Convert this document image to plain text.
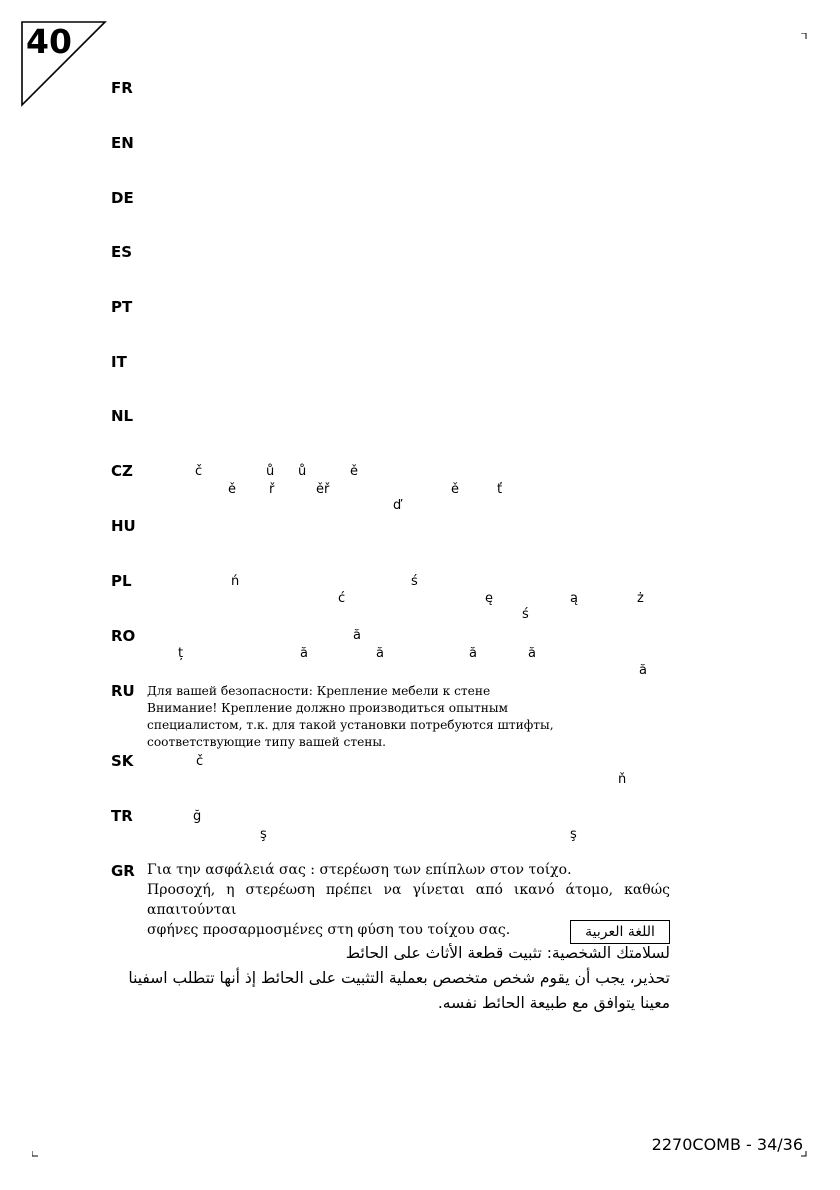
40
FR
EN
DE
ES
PT
IT
NL
CZ
HU
PL
RO
RU
SK
TR
GR
č	ů ů	ě
ě	ř	ěř	ě	ť
ď
ń	ś
ć	ę	ą	ż
ś
ă
ț	ă	ă	ă	ă
ă
Для вашей безопасности: Крепление мебели к стене
Внимание! Крепление должно производиться опытным
специалистом, т.к. для такой установки потребуются штифты,
соответствующие типу вашей стены.
č
ň
ğ
ş	ş
Για την ασφάλειά σας : στερέωση των επίπλων στον τοίχο.
Προσοχή, η στερέωση πρέπει να γίνεται από ικανό άτομο, καθώς απαιτούνται
σφήνες προσαρμοσμένες στη φύση του τοίχου σας.	اللغة العربية
لسلامتك الشخصية: تثبيت قطعة الأثاث على الحائط
تحذير، يجب أن يقوم شخص متخصص بعملية التثبيت على الحائط إذ أنها تتطلب اسفينا
معينا يتوافق مع طبيعة الحائط نفسه.
2270COMB - 34/36
